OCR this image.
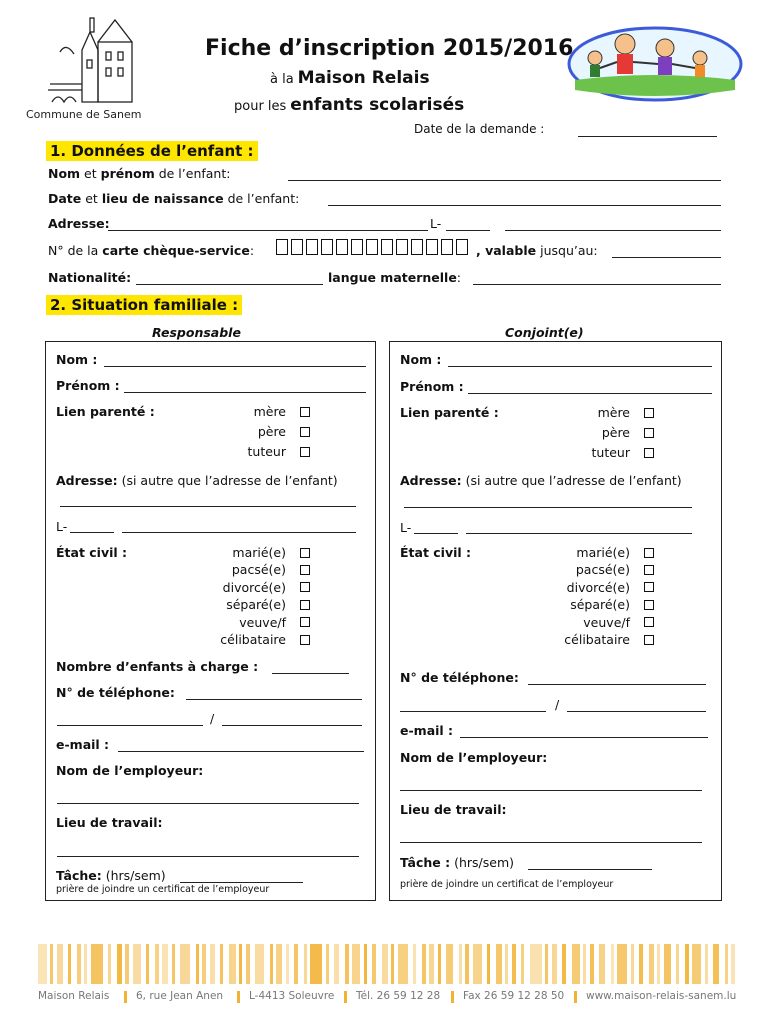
Commune de Sanem
Fiche d’inscription 2015/2016
à la Maison Relais
pour les enfants scolarisés
Date de la demande :
1. Données de l’enfant :
Nom et prénom de l’enfant:
Date et lieu de naissance de l’enfant:
Adresse:	L-
N° de la carte chèque-service:	, valable jusqu’au:
Nationalité:	langue maternelle:
2. Situation familiale :
Responsable	Conjoint(e)
Nom :
Prénom :
Lien parenté :	mère
père
tuteur
Adresse: (si autre que l’adresse de l’enfant)
L-
État civil :	marié(e)
pacsé(e)
divorcé(e)
séparé(e)
veuve/f
célibataire
Nombre d’enfants à charge :
N° de téléphone:
/
e-mail :
Nom de l’employeur:
Lieu de travail:
Tâche: (hrs/sem)
prière de joindre un certificat de l’employeur
Nom :
Prénom :
Lien parenté :	mère
père
tuteur
Adresse: (si autre que l’adresse de l’enfant)
L-
État civil :	marié(e)
pacsé(e)
divorcé(e)
séparé(e)
veuve/f
célibataire
N° de téléphone:
/
e-mail :
Nom de l’employeur:
Lieu de travail:
Tâche : (hrs/sem)
prière de joindre un certificat de l’employeur
Maison Relais	6, rue Jean Anen L-4413 Soleuvre Tél. 26 59 12 28 Fax 26 59 12 28 50 www.maison-relais-sanem.lu
